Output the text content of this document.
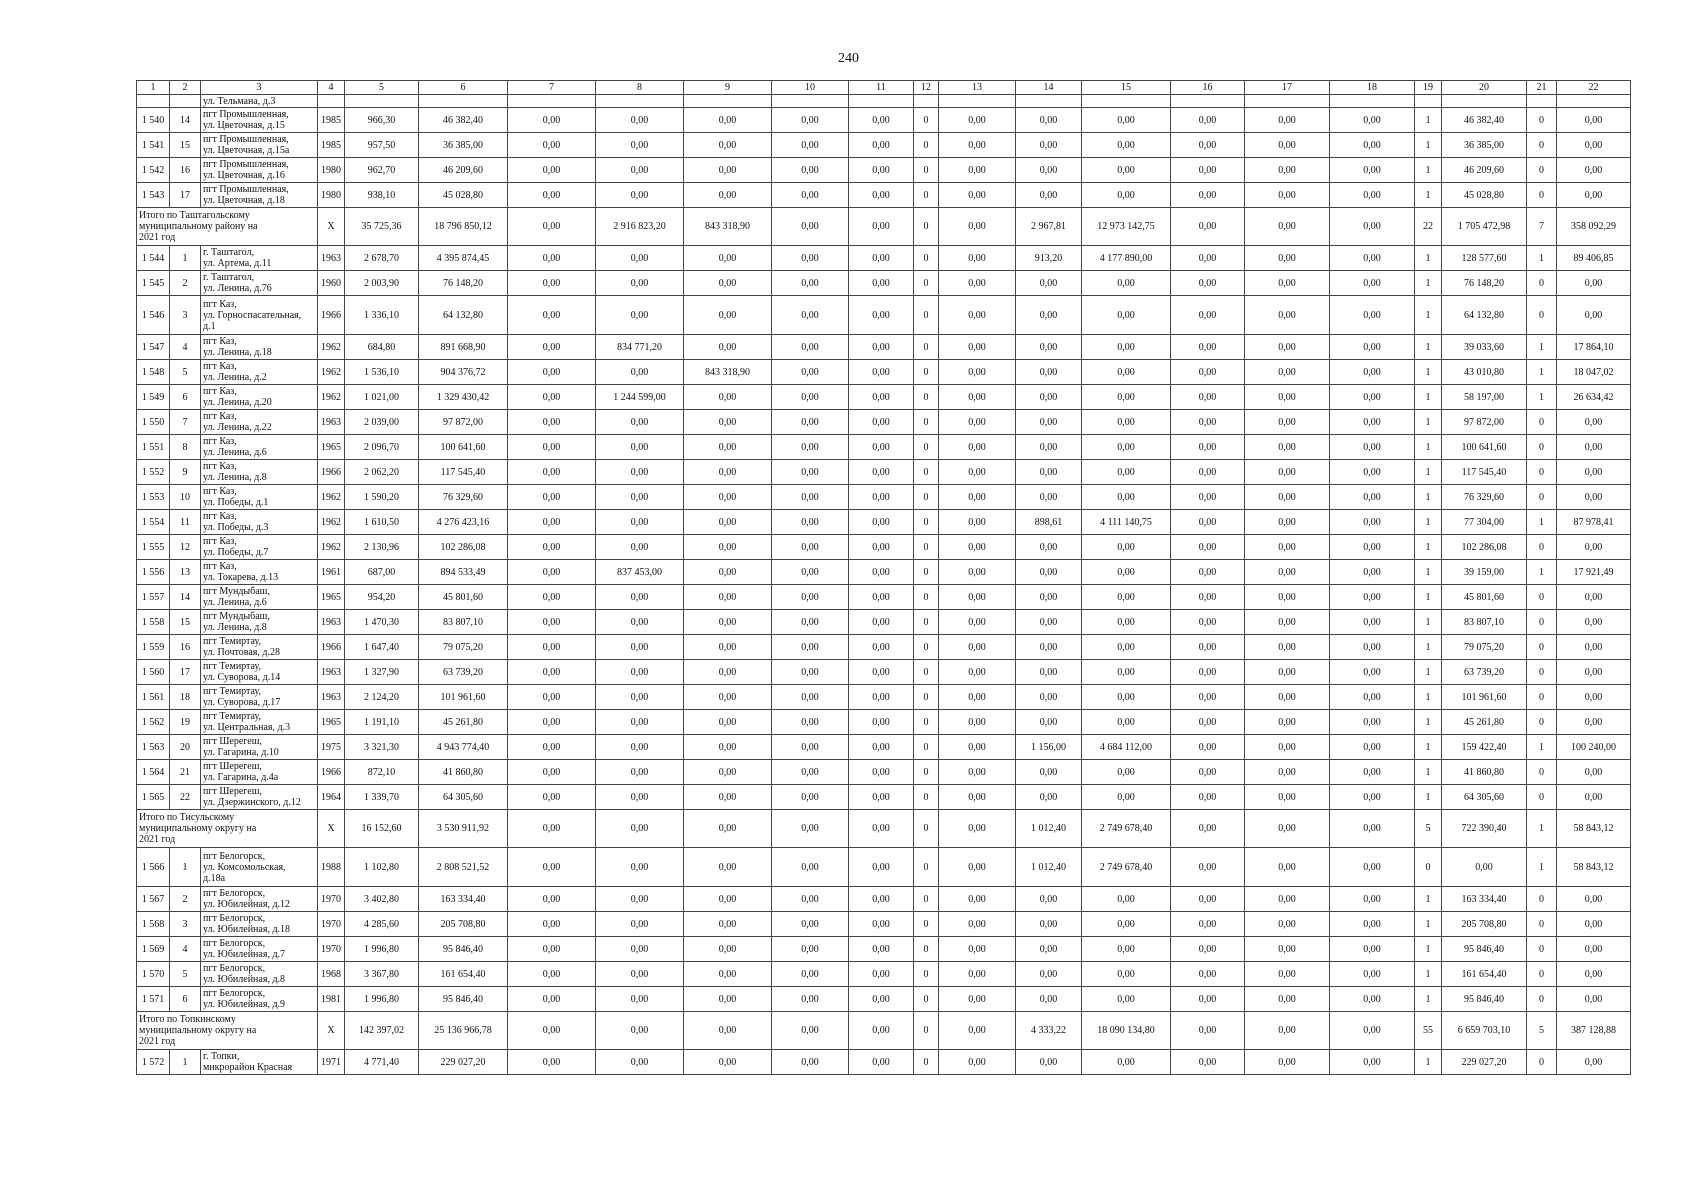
240
1	2	3	4	5	6	7	8	9	10	11	12	13	14	15	16	17	18	19	20	21	22
		ул. Тельмана, д.3																			
1 540	14	пгт Промышленная,
ул. Цветочная, д.15	1985	966,30	46 382,40	0,00	0,00	0,00	0,00	0,00	0	0,00	0,00	0,00	0,00	0,00	0,00	1	46 382,40	0	0,00
1 541	15	пгт Промышленная,
ул. Цветочная, д.15а	1985	957,50	36 385,00	0,00	0,00	0,00	0,00	0,00	0	0,00	0,00	0,00	0,00	0,00	0,00	1	36 385,00	0	0,00
1 542	16	пгт Промышленная,
ул. Цветочная, д.16	1980	962,70	46 209,60	0,00	0,00	0,00	0,00	0,00	0	0,00	0,00	0,00	0,00	0,00	0,00	1	46 209,60	0	0,00
1 543	17	пгт Промышленная,
ул. Цветочная, д.18	1980	938,10	45 028,80	0,00	0,00	0,00	0,00	0,00	0	0,00	0,00	0,00	0,00	0,00	0,00	1	45 028,80	0	0,00
Итого по Таштагольскому
муниципальному району на
2021 год			X	35 725,36	18 796 850,12	0,00	2 916 823,20	843 318,90	0,00	0,00	0	0,00	2 967,81	12 973 142,75	0,00	0,00	0,00	22	1 705 472,98	7	358 092,29
1 544	1	г. Таштагол,
ул. Артема, д.11	1963	2 678,70	4 395 874,45	0,00	0,00	0,00	0,00	0,00	0	0,00	913,20	4 177 890,00	0,00	0,00	0,00	1	128 577,60	1	89 406,85
1 545	2	г. Таштагол,
ул. Ленина, д.76	1960	2 003,90	76 148,20	0,00	0,00	0,00	0,00	0,00	0	0,00	0,00	0,00	0,00	0,00	0,00	1	76 148,20	0	0,00
1 546	3	пгт Каз,
ул. Горноспасательная,
д.1	1966	1 336,10	64 132,80	0,00	0,00	0,00	0,00	0,00	0	0,00	0,00	0,00	0,00	0,00	0,00	1	64 132,80	0	0,00
1 547	4	пгт Каз,
ул. Ленина, д.18	1962	684,80	891 668,90	0,00	834 771,20	0,00	0,00	0,00	0	0,00	0,00	0,00	0,00	0,00	0,00	1	39 033,60	1	17 864,10
1 548	5	пгт Каз,
ул. Ленина, д.2	1962	1 536,10	904 376,72	0,00	0,00	843 318,90	0,00	0,00	0	0,00	0,00	0,00	0,00	0,00	0,00	1	43 010,80	1	18 047,02
1 549	6	пгт Каз,
ул. Ленина, д.20	1962	1 021,00	1 329 430,42	0,00	1 244 599,00	0,00	0,00	0,00	0	0,00	0,00	0,00	0,00	0,00	0,00	1	58 197,00	1	26 634,42
1 550	7	пгт Каз,
ул. Ленина, д.22	1963	2 039,00	97 872,00	0,00	0,00	0,00	0,00	0,00	0	0,00	0,00	0,00	0,00	0,00	0,00	1	97 872,00	0	0,00
1 551	8	пгт Каз,
ул. Ленина, д.6	1965	2 096,70	100 641,60	0,00	0,00	0,00	0,00	0,00	0	0,00	0,00	0,00	0,00	0,00	0,00	1	100 641,60	0	0,00
1 552	9	пгт Каз,
ул. Ленина, д.8	1966	2 062,20	117 545,40	0,00	0,00	0,00	0,00	0,00	0	0,00	0,00	0,00	0,00	0,00	0,00	1	117 545,40	0	0,00
1 553	10	пгт Каз,
ул. Победы, д.1	1962	1 590,20	76 329,60	0,00	0,00	0,00	0,00	0,00	0	0,00	0,00	0,00	0,00	0,00	0,00	1	76 329,60	0	0,00
1 554	11	пгт Каз,
ул. Победы, д.3	1962	1 610,50	4 276 423,16	0,00	0,00	0,00	0,00	0,00	0	0,00	898,61	4 111 140,75	0,00	0,00	0,00	1	77 304,00	1	87 978,41
1 555	12	пгт Каз,
ул. Победы, д.7	1962	2 130,96	102 286,08	0,00	0,00	0,00	0,00	0,00	0	0,00	0,00	0,00	0,00	0,00	0,00	1	102 286,08	0	0,00
1 556	13	пгт Каз,
ул. Токарева, д.13	1961	687,00	894 533,49	0,00	837 453,00	0,00	0,00	0,00	0	0,00	0,00	0,00	0,00	0,00	0,00	1	39 159,00	1	17 921,49
1 557	14	пгт Мундыбаш,
ул. Ленина, д.6	1965	954,20	45 801,60	0,00	0,00	0,00	0,00	0,00	0	0,00	0,00	0,00	0,00	0,00	0,00	1	45 801,60	0	0,00
1 558	15	пгт Мундыбаш,
ул. Ленина, д.8	1963	1 470,30	83 807,10	0,00	0,00	0,00	0,00	0,00	0	0,00	0,00	0,00	0,00	0,00	0,00	1	83 807,10	0	0,00
1 559	16	пгт Темиртау,
ул. Почтовая, д.28	1966	1 647,40	79 075,20	0,00	0,00	0,00	0,00	0,00	0	0,00	0,00	0,00	0,00	0,00	0,00	1	79 075,20	0	0,00
1 560	17	пгт Темиртау,
ул. Суворова, д.14	1963	1 327,90	63 739,20	0,00	0,00	0,00	0,00	0,00	0	0,00	0,00	0,00	0,00	0,00	0,00	1	63 739,20	0	0,00
1 561	18	пгт Темиртау,
ул. Суворова, д.17	1963	2 124,20	101 961,60	0,00	0,00	0,00	0,00	0,00	0	0,00	0,00	0,00	0,00	0,00	0,00	1	101 961,60	0	0,00
1 562	19	пгт Темиртау,
ул. Центральная, д.3	1965	1 191,10	45 261,80	0,00	0,00	0,00	0,00	0,00	0	0,00	0,00	0,00	0,00	0,00	0,00	1	45 261,80	0	0,00
1 563	20	пгт Шерегеш,
ул. Гагарина, д.10	1975	3 321,30	4 943 774,40	0,00	0,00	0,00	0,00	0,00	0	0,00	1 156,00	4 684 112,00	0,00	0,00	0,00	1	159 422,40	1	100 240,00
1 564	21	пгт Шерегеш,
ул. Гагарина, д.4а	1966	872,10	41 860,80	0,00	0,00	0,00	0,00	0,00	0	0,00	0,00	0,00	0,00	0,00	0,00	1	41 860,80	0	0,00
1 565	22	пгт Шерегеш,
ул. Дзержинского, д.12	1964	1 339,70	64 305,60	0,00	0,00	0,00	0,00	0,00	0	0,00	0,00	0,00	0,00	0,00	0,00	1	64 305,60	0	0,00
Итого по Тисульскому
муниципальному округу на
2021 год			X	16 152,60	3 530 911,92	0,00	0,00	0,00	0,00	0,00	0	0,00	1 012,40	2 749 678,40	0,00	0,00	0,00	5	722 390,40	1	58 843,12
1 566	1	пгт Белогорск,
ул. Комсомольская,
д.18а	1988	1 102,80	2 808 521,52	0,00	0,00	0,00	0,00	0,00	0	0,00	1 012,40	2 749 678,40	0,00	0,00	0,00	0	0,00	1	58 843,12
1 567	2	пгт Белогорск,
ул. Юбилейная, д.12	1970	3 402,80	163 334,40	0,00	0,00	0,00	0,00	0,00	0	0,00	0,00	0,00	0,00	0,00	0,00	1	163 334,40	0	0,00
1 568	3	пгт Белогорск,
ул. Юбилейная, д.18	1970	4 285,60	205 708,80	0,00	0,00	0,00	0,00	0,00	0	0,00	0,00	0,00	0,00	0,00	0,00	1	205 708,80	0	0,00
1 569	4	пгт Белогорск,
ул. Юбилейная, д.7	1970	1 996,80	95 846,40	0,00	0,00	0,00	0,00	0,00	0	0,00	0,00	0,00	0,00	0,00	0,00	1	95 846,40	0	0,00
1 570	5	пгт Белогорск,
ул. Юбилейная, д.8	1968	3 367,80	161 654,40	0,00	0,00	0,00	0,00	0,00	0	0,00	0,00	0,00	0,00	0,00	0,00	1	161 654,40	0	0,00
1 571	6	пгт Белогорск,
ул. Юбилейная, д.9	1981	1 996,80	95 846,40	0,00	0,00	0,00	0,00	0,00	0	0,00	0,00	0,00	0,00	0,00	0,00	1	95 846,40	0	0,00
Итого по Топкинскому
муниципальному округу на
2021 год			X	142 397,02	25 136 966,78	0,00	0,00	0,00	0,00	0,00	0	0,00	4 333,22	18 090 134,80	0,00	0,00	0,00	55	6 659 703,10	5	387 128,88
1 572	1	г. Топки,
микрорайон Красная	1971	4 771,40	229 027,20	0,00	0,00	0,00	0,00	0,00	0	0,00	0,00	0,00	0,00	0,00	0,00	1	229 027,20	0	0,00
